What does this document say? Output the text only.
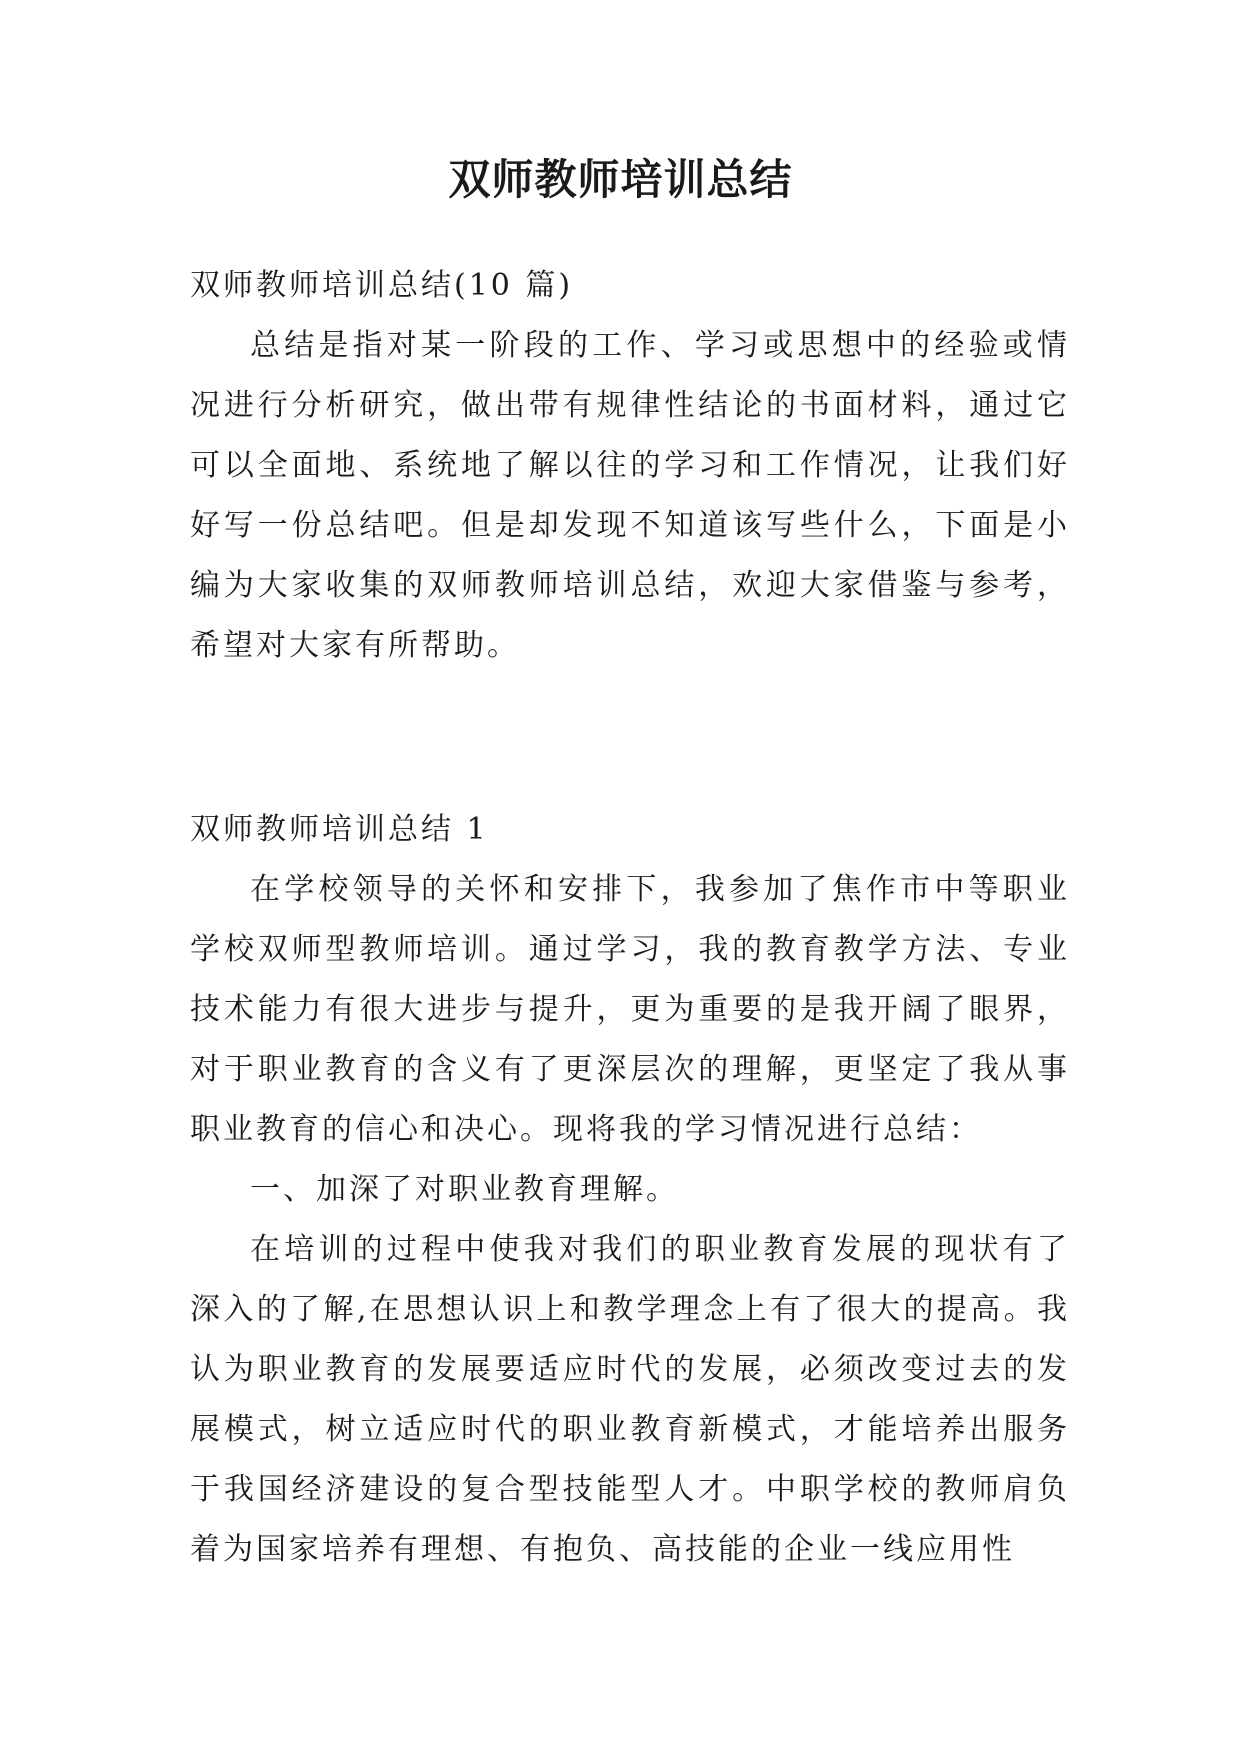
双师教师培训总结

双师教师培训总结(10 篇)

总结是指对某一阶段的工作、学习或思想中的经验或情况进行分析研究，做出带有规律性结论的书面材料，通过它可以全面地、系统地了解以往的学习和工作情况，让我们好好写一份总结吧。但是却发现不知道该写些什么，下面是小编为大家收集的双师教师培训总结，欢迎大家借鉴与参考，希望对大家有所帮助。

双师教师培训总结 1

在学校领导的关怀和安排下，我参加了焦作市中等职业学校双师型教师培训。通过学习，我的教育教学方法、专业技术能力有很大进步与提升，更为重要的是我开阔了眼界，对于职业教育的含义有了更深层次的理解，更坚定了我从事职业教育的信心和决心。现将我的学习情况进行总结：

一、加深了对职业教育理解。

在培训的过程中使我对我们的职业教育发展的现状有了深入的了解,在思想认识上和教学理念上有了很大的提高。我认为职业教育的发展要适应时代的发展，必须改变过去的发展模式，树立适应时代的职业教育新模式，才能培养出服务于我国经济建设的复合型技能型人才。中职学校的教师肩负着为国家培养有理想、有抱负、高技能的企业一线应用性
